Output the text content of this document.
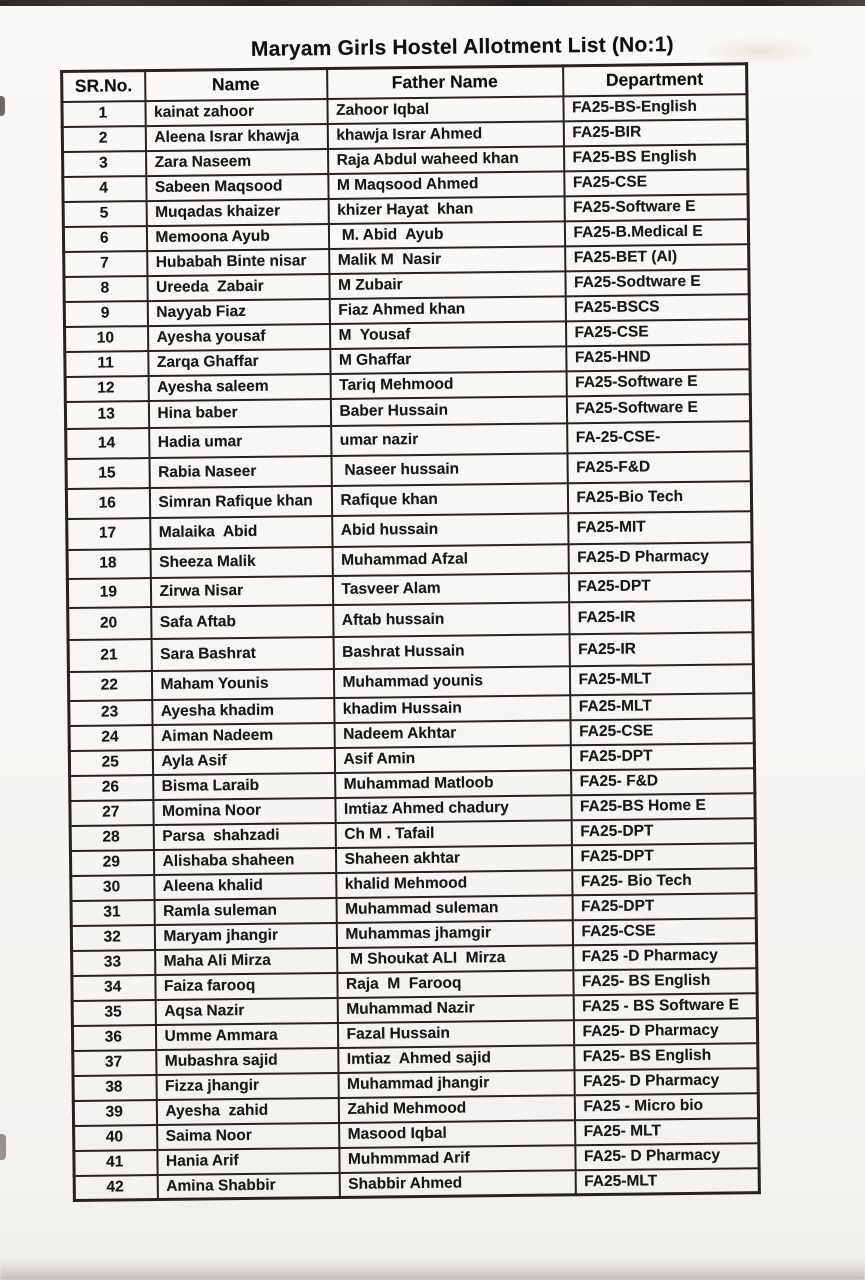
Maryam Girls Hostel Allotment List (No:1)
SR.No.	Name	Father Name	Department
1	kainat zahoor	Zahoor Iqbal	FA25-BS-English
2	Aleena Israr khawja	khawja Israr Ahmed	FA25-BIR
3	Zara Naseem	Raja Abdul waheed khan	FA25-BS English
4	Sabeen Maqsood	M Maqsood Ahmed	FA25-CSE
5	Muqadas khaizer	khizer Hayat  khan	FA25-Software E
6	Memoona Ayub	M. Abid  Ayub	FA25-B.Medical E
7	Hubabah Binte nisar	Malik M  Nasir	FA25-BET (AI)
8	Ureeda  Zabair	M Zubair	FA25-Sodtware E
9	Nayyab Fiaz	Fiaz Ahmed khan	FA25-BSCS
10	Ayesha yousaf	M  Yousaf	FA25-CSE
11	Zarqa Ghaffar	M Ghaffar	FA25-HND
12	Ayesha saleem	Tariq Mehmood	FA25-Software E
13	Hina baber	Baber Hussain	FA25-Software E
14	Hadia umar	umar nazir	FA-25-CSE-
15	Rabia Naseer	Naseer hussain	FA25-F&D
16	Simran Rafique khan	Rafique khan	FA25-Bio Tech
17	Malaika  Abid	Abid hussain	FA25-MIT
18	Sheeza Malik	Muhammad Afzal	FA25-D Pharmacy
19	Zirwa Nisar	Tasveer Alam	FA25-DPT
20	Safa Aftab	Aftab hussain	FA25-IR
21	Sara Bashrat	Bashrat Hussain	FA25-IR
22	Maham Younis	Muhammad younis	FA25-MLT
23	Ayesha khadim	khadim Hussain	FA25-MLT
24	Aiman Nadeem	Nadeem Akhtar	FA25-CSE
25	Ayla Asif	Asif Amin	FA25-DPT
26	Bisma Laraib	Muhammad Matloob	FA25- F&D
27	Momina Noor	Imtiaz Ahmed chadury	FA25-BS Home E
28	Parsa  shahzadi	Ch M . Tafail	FA25-DPT
29	Alishaba shaheen	Shaheen akhtar	FA25-DPT
30	Aleena khalid	khalid Mehmood	FA25- Bio Tech
31	Ramla suleman	Muhammad suleman	FA25-DPT
32	Maryam jhangir	Muhammas jhamgir	FA25-CSE
33	Maha Ali Mirza	M Shoukat ALI  Mirza	FA25 -D Pharmacy
34	Faiza farooq	Raja  M  Farooq	FA25- BS English
35	Aqsa Nazir	Muhammad Nazir	FA25 - BS Software E
36	Umme Ammara	Fazal Hussain	FA25- D Pharmacy
37	Mubashra sajid	Imtiaz  Ahmed sajid	FA25- BS English
38	Fizza jhangir	Muhammad jhangir	FA25- D Pharmacy
39	Ayesha  zahid	Zahid Mehmood	FA25 - Micro bio
40	Saima Noor	Masood Iqbal	FA25- MLT
41	Hania Arif	Muhmmmad Arif	FA25- D Pharmacy
42	Amina Shabbir	Shabbir Ahmed	FA25-MLT
